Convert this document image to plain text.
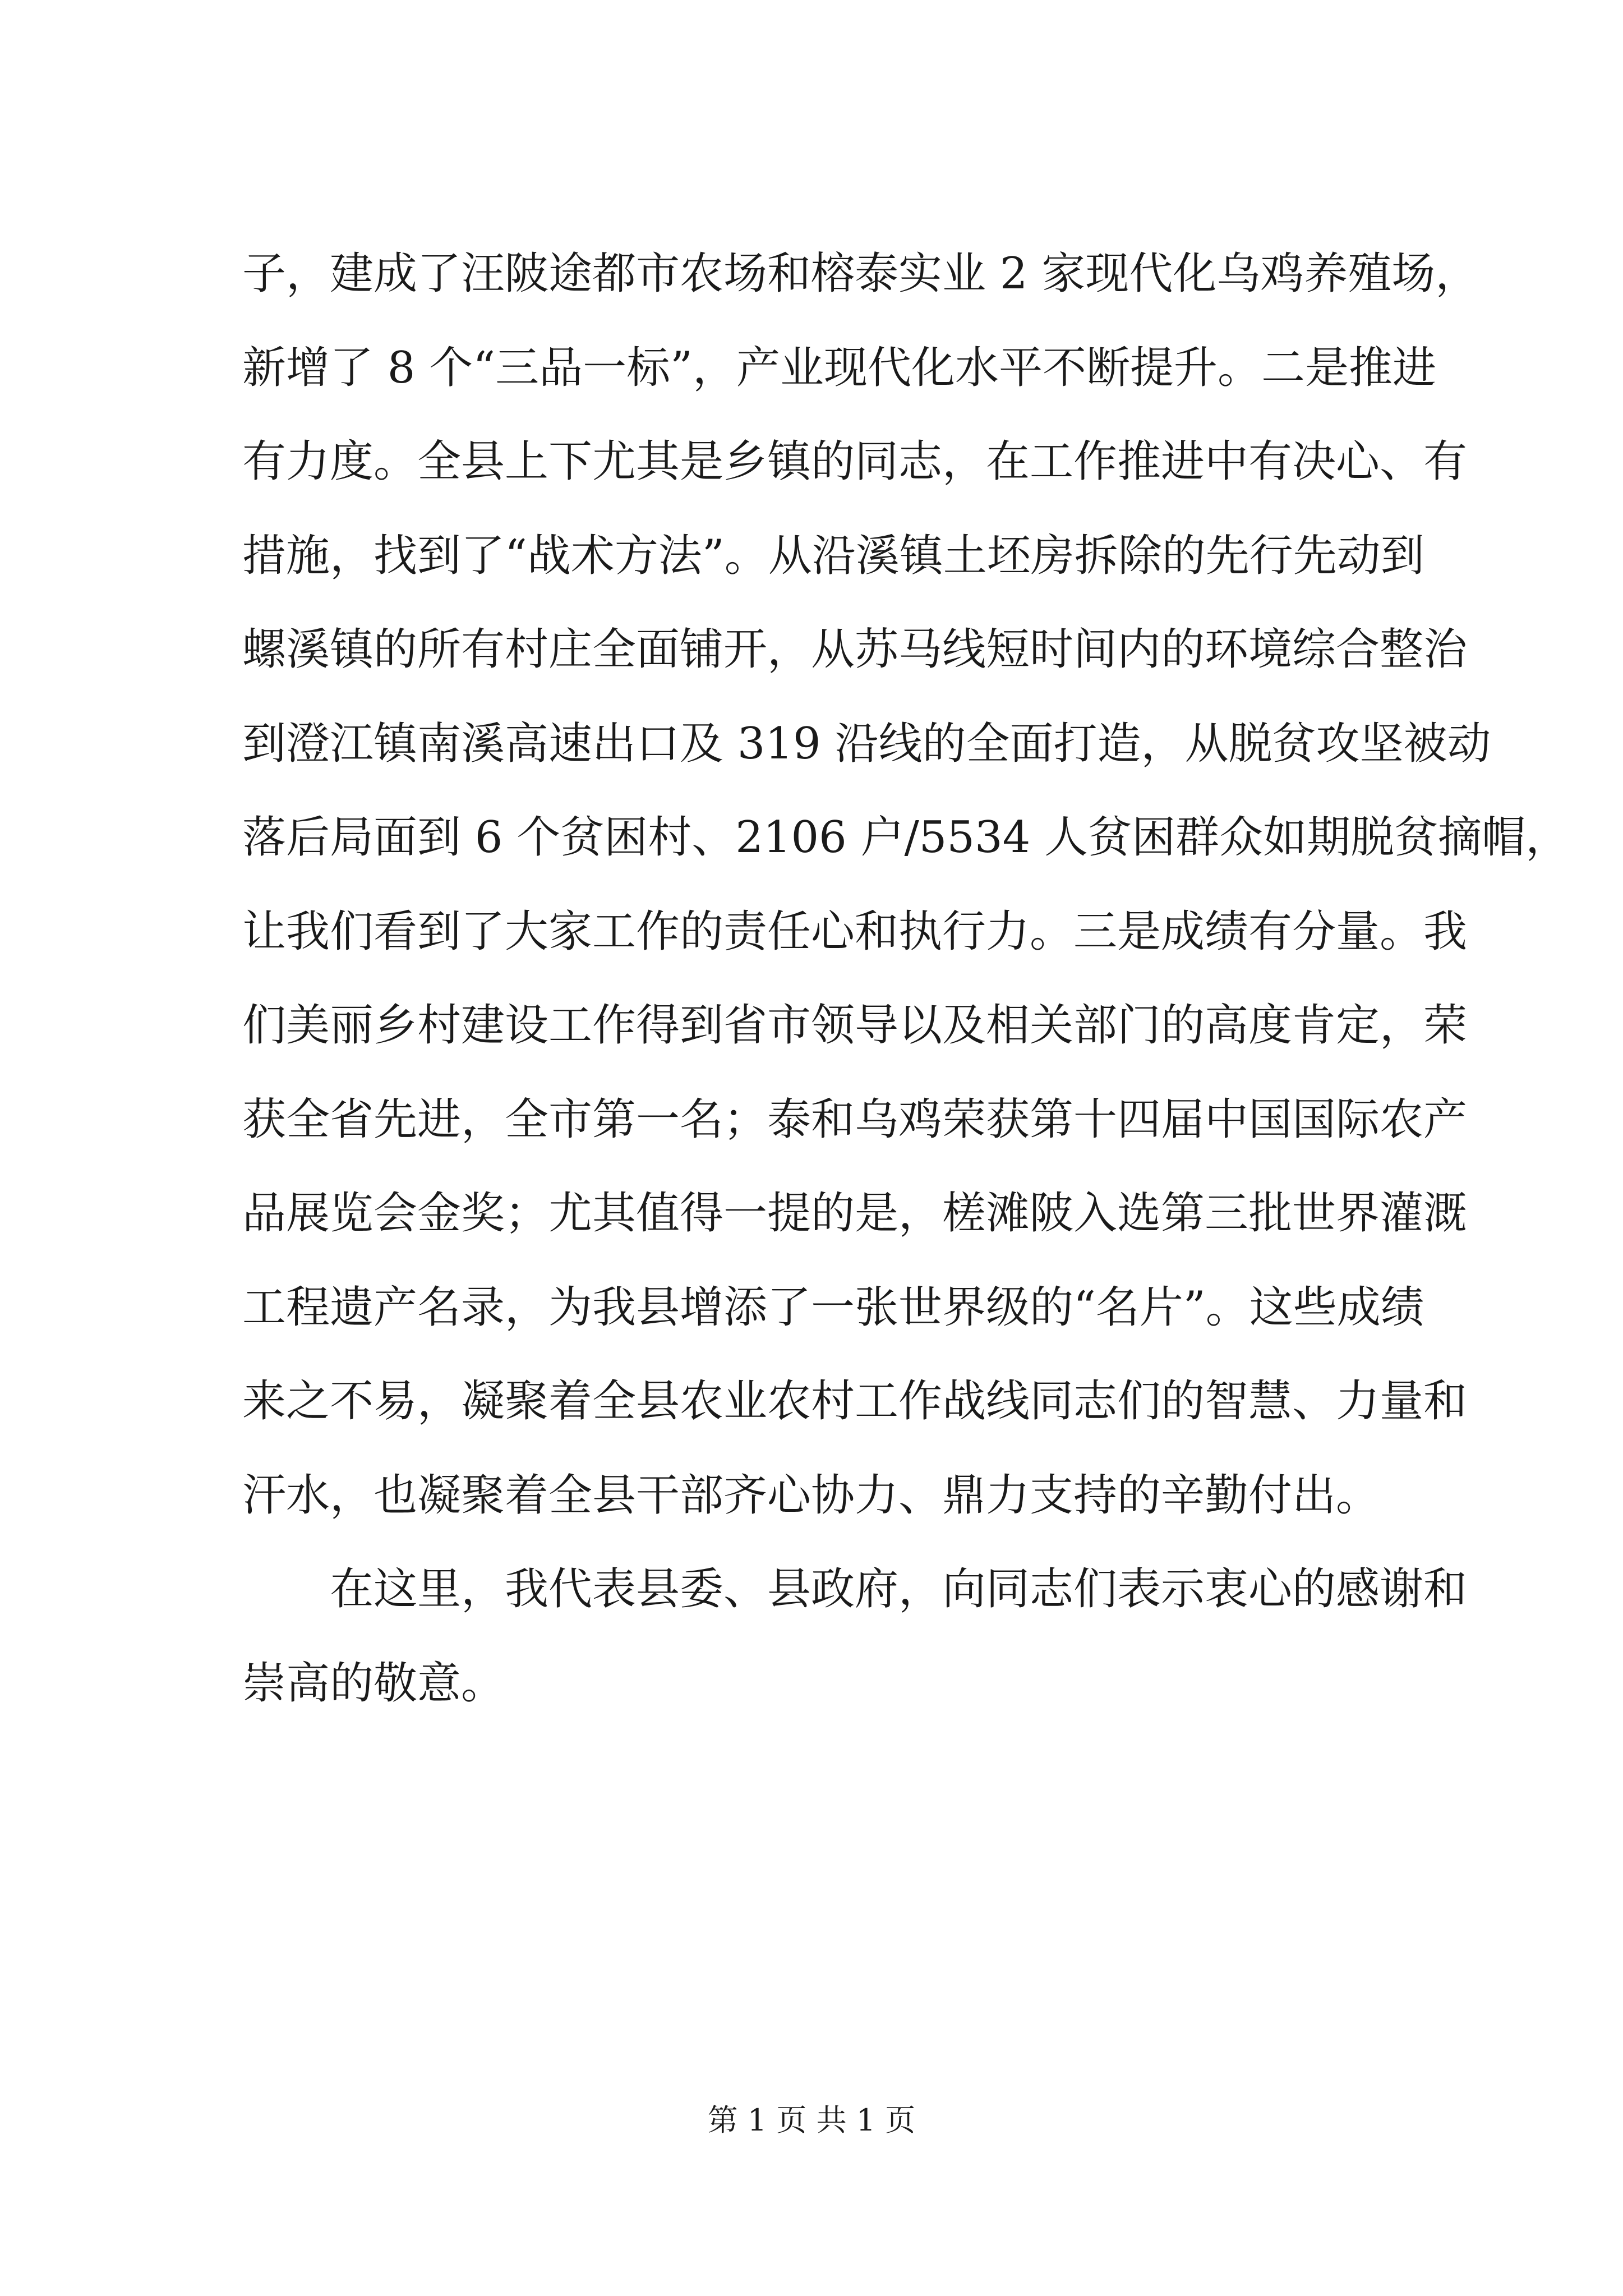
子，建成了汪陂途都市农场和榕泰实业 2 家现代化乌鸡养殖场，
新增了 8 个“三品一标”，产业现代化水平不断提升。二是推进
有力度。全县上下尤其是乡镇的同志，在工作推进中有决心、有
措施，找到了“战术方法”。从沿溪镇土坯房拆除的先行先动到
螺溪镇的所有村庄全面铺开，从苏马线短时间内的环境综合整治
到澄江镇南溪高速出口及 319 沿线的全面打造，从脱贫攻坚被动
落后局面到 6 个贫困村、2106 户/5534 人贫困群众如期脱贫摘帽，
让我们看到了大家工作的责任心和执行力。三是成绩有分量。我
们美丽乡村建设工作得到省市领导以及相关部门的高度肯定，荣
获全省先进，全市第一名；泰和乌鸡荣获第十四届中国国际农产
品展览会金奖；尤其值得一提的是，槎滩陂入选第三批世界灌溉
工程遗产名录，为我县增添了一张世界级的“名片”。这些成绩
来之不易，凝聚着全县农业农村工作战线同志们的智慧、力量和
汗水，也凝聚着全县干部齐心协力、鼎力支持的辛勤付出。
在这里，我代表县委、县政府，向同志们表示衷心的感谢和
崇高的敬意。
第 1 页 共 1 页
